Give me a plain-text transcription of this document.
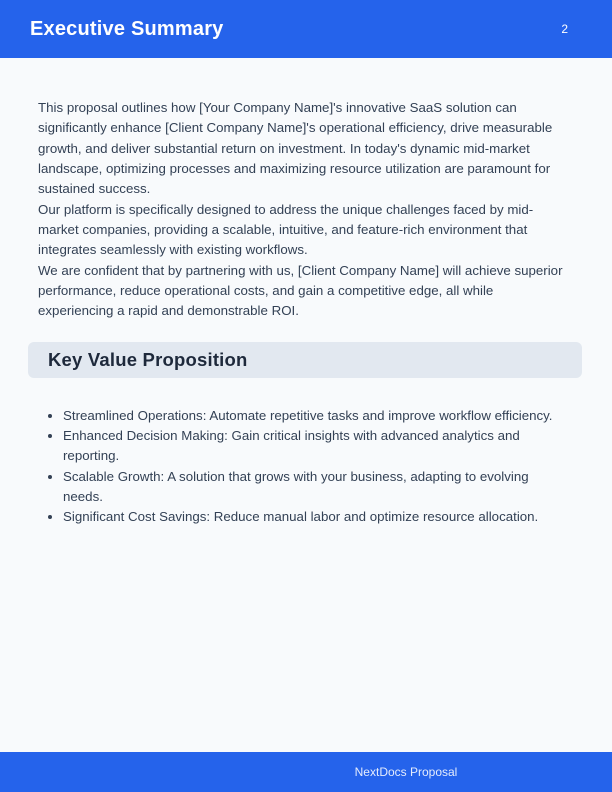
Executive Summary	2

This proposal outlines how [Your Company Name]'s innovative SaaS solution can significantly enhance [Client Company Name]'s operational efficiency, drive measurable growth, and deliver substantial return on investment. In today's dynamic mid-market landscape, optimizing processes and maximizing resource utilization are paramount for sustained success.

Our platform is specifically designed to address the unique challenges faced by mid-market companies, providing a scalable, intuitive, and feature-rich environment that integrates seamlessly with existing workflows.

We are confident that by partnering with us, [Client Company Name] will achieve superior performance, reduce operational costs, and gain a competitive edge, all while experiencing a rapid and demonstrable ROI.

Key Value Proposition
• Streamlined Operations: Automate repetitive tasks and improve workflow efficiency.
• Enhanced Decision Making: Gain critical insights with advanced analytics and reporting.
• Scalable Growth: A solution that grows with your business, adapting to evolving needs.
• Significant Cost Savings: Reduce manual labor and optimize resource allocation.
NextDocs Proposal
